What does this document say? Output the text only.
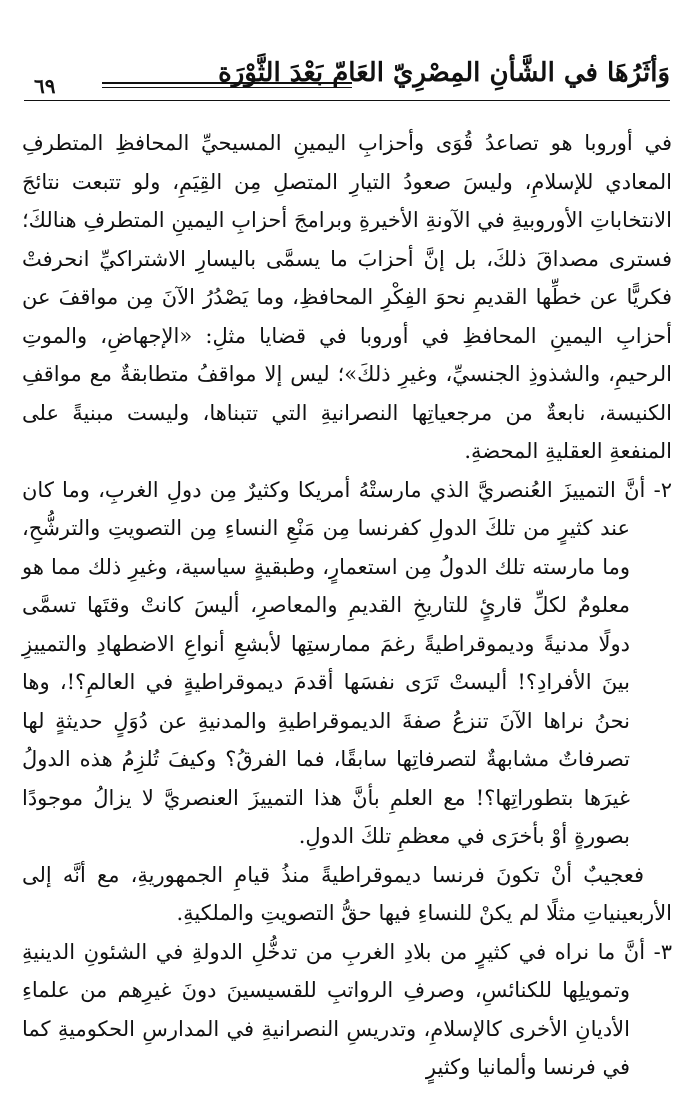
وَأثَرُهَا في الشَّأنِ المِصْرِيّ العَامّ بَعْدَ الثَّوْرَة
٦٩

في أوروبا هو تصاعدُ قُوَى وأحزابِ اليمينِ المسيحيِّ المحافظِ المتطرفِ المعادي للإسلامِ، وليسَ صعودُ التيارِ المتصلِ مِن القِيَمِ، ولو تتبعت نتائجَ الانتخاباتِ الأوروبيةِ في الآونةِ الأخيرةِ وبرامجَ أحزابِ اليمينِ المتطرفِ هنالكَ؛ فسترى مصداقَ ذلكَ، بل إنَّ أحزابَ ما يسمَّى باليسارِ الاشتراكيِّ انحرفتْ فكريًّا عن خطِّها القديمِ نحوَ الفِكْرِ المحافظِ، وما يَصْدُرُ الآنَ مِن مواقفَ عن أحزابِ اليمينِ المحافظِ في أوروبا في قضايا مثلِ: «الإجهاضِ، والموتِ الرحيمِ، والشذوذِ الجنسيِّ، وغيرِ ذلكَ»؛ ليس إلا مواقفُ متطابقةٌ مع مواقفِ الكنيسة، نابعةٌ من مرجعياتِها النصرانيةِ التي تتبناها، وليست مبنيةً على المنفعةِ العقليةِ المحضةِ.

٢- أنَّ التمييزَ العُنصريَّ الذي مارستْهُ أمريكا وكثيرٌ مِن دولِ الغربِ، وما كان عند كثيرٍ من تلكَ الدولِ كفرنسا مِن مَنْعِ النساءِ مِن التصويتِ والترشُّحِ، وما مارسته تلك الدولُ مِن استعمارٍ، وطبقيةٍ سياسية، وغيرِ ذلك مما هو معلومٌ لكلِّ قارئٍ للتاريخِ القديمِ والمعاصرِ، أليسَ كانتْ وقتَها تسمَّى دولًا مدنيةً وديموقراطيةً رغمَ ممارستِها لأبشعِ أنواعِ الاضطهادِ والتمييزِ بينَ الأفرادِ؟! أليستْ تَرَى نفسَها أقدمَ ديموقراطيةٍ في العالمِ؟!، وها نحنُ نراها الآنَ تنزعُ صفةَ الديموقراطيةِ والمدنيةِ عن دُوَلٍ حديثةٍ لها تصرفاتٌ مشابهةٌ لتصرفاتِها سابقًا، فما الفرقُ؟ وكيفَ تُلزِمُ هذه الدولُ غيرَها بتطوراتِها؟! مع العلمِ بأنَّ هذا التمييزَ العنصريَّ لا يزالُ موجودًا بصورةٍ أوْ بأخرَى في معظمِ تلكَ الدولِ.

فعجيبٌ أنْ تكونَ فرنسا ديموقراطيةً منذُ قيامِ الجمهوريةِ، مع أنَّه إلى الأربعينياتِ مثلًا لم يكنْ للنساءِ فيها حقُّ التصويتِ والملكيةِ.

٣- أنَّ ما نراه في كثيرٍ من بلادِ الغربِ من تدخُّلِ الدولةِ في الشئونِ الدينيةِ وتمويلِها للكنائسِ، وصرفِ الرواتبِ للقسيسينَ دونَ غيرِهم من علماءِ الأديانِ الأخرى كالإسلامِ، وتدريسِ النصرانيةِ في المدارسِ الحكوميةِ كما في فرنسا وألمانيا وكثيرٍ
